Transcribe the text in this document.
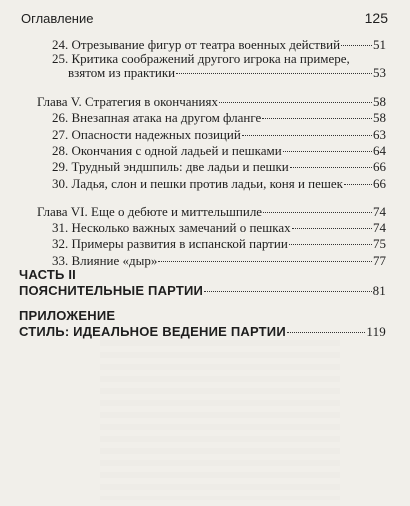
Оглавление	125
24. Отрезывание фигур от театра военных действий	51
25. Критика соображений другого игрока на примере,
взятом из практики	53
Глава V. Стратегия в окончаниях	58
26. Внезапная атака на другом фланге	58
27. Опасности надежных позиций	63
28. Окончания с одной ладьей и пешками	64
29. Трудный эндшпиль: две ладьи и пешки	66
30. Ладья, слон и пешки против ладьи, коня и пешек 66
Глава VI. Еще о дебюте и миттельшпиле	74
31. Несколько важных замечаний о пешках	74
32. Примеры развития в испанской партии	75
33. Влияние «дыр»	77
ЧАСТЬ II
ПОЯСНИТЕЛЬНЫЕ ПАРТИИ	81
ПРИЛОЖЕНИЕ
СТИЛЬ: ИДЕАЛЬНОЕ ВЕДЕНИЕ ПАРТИИ	119
